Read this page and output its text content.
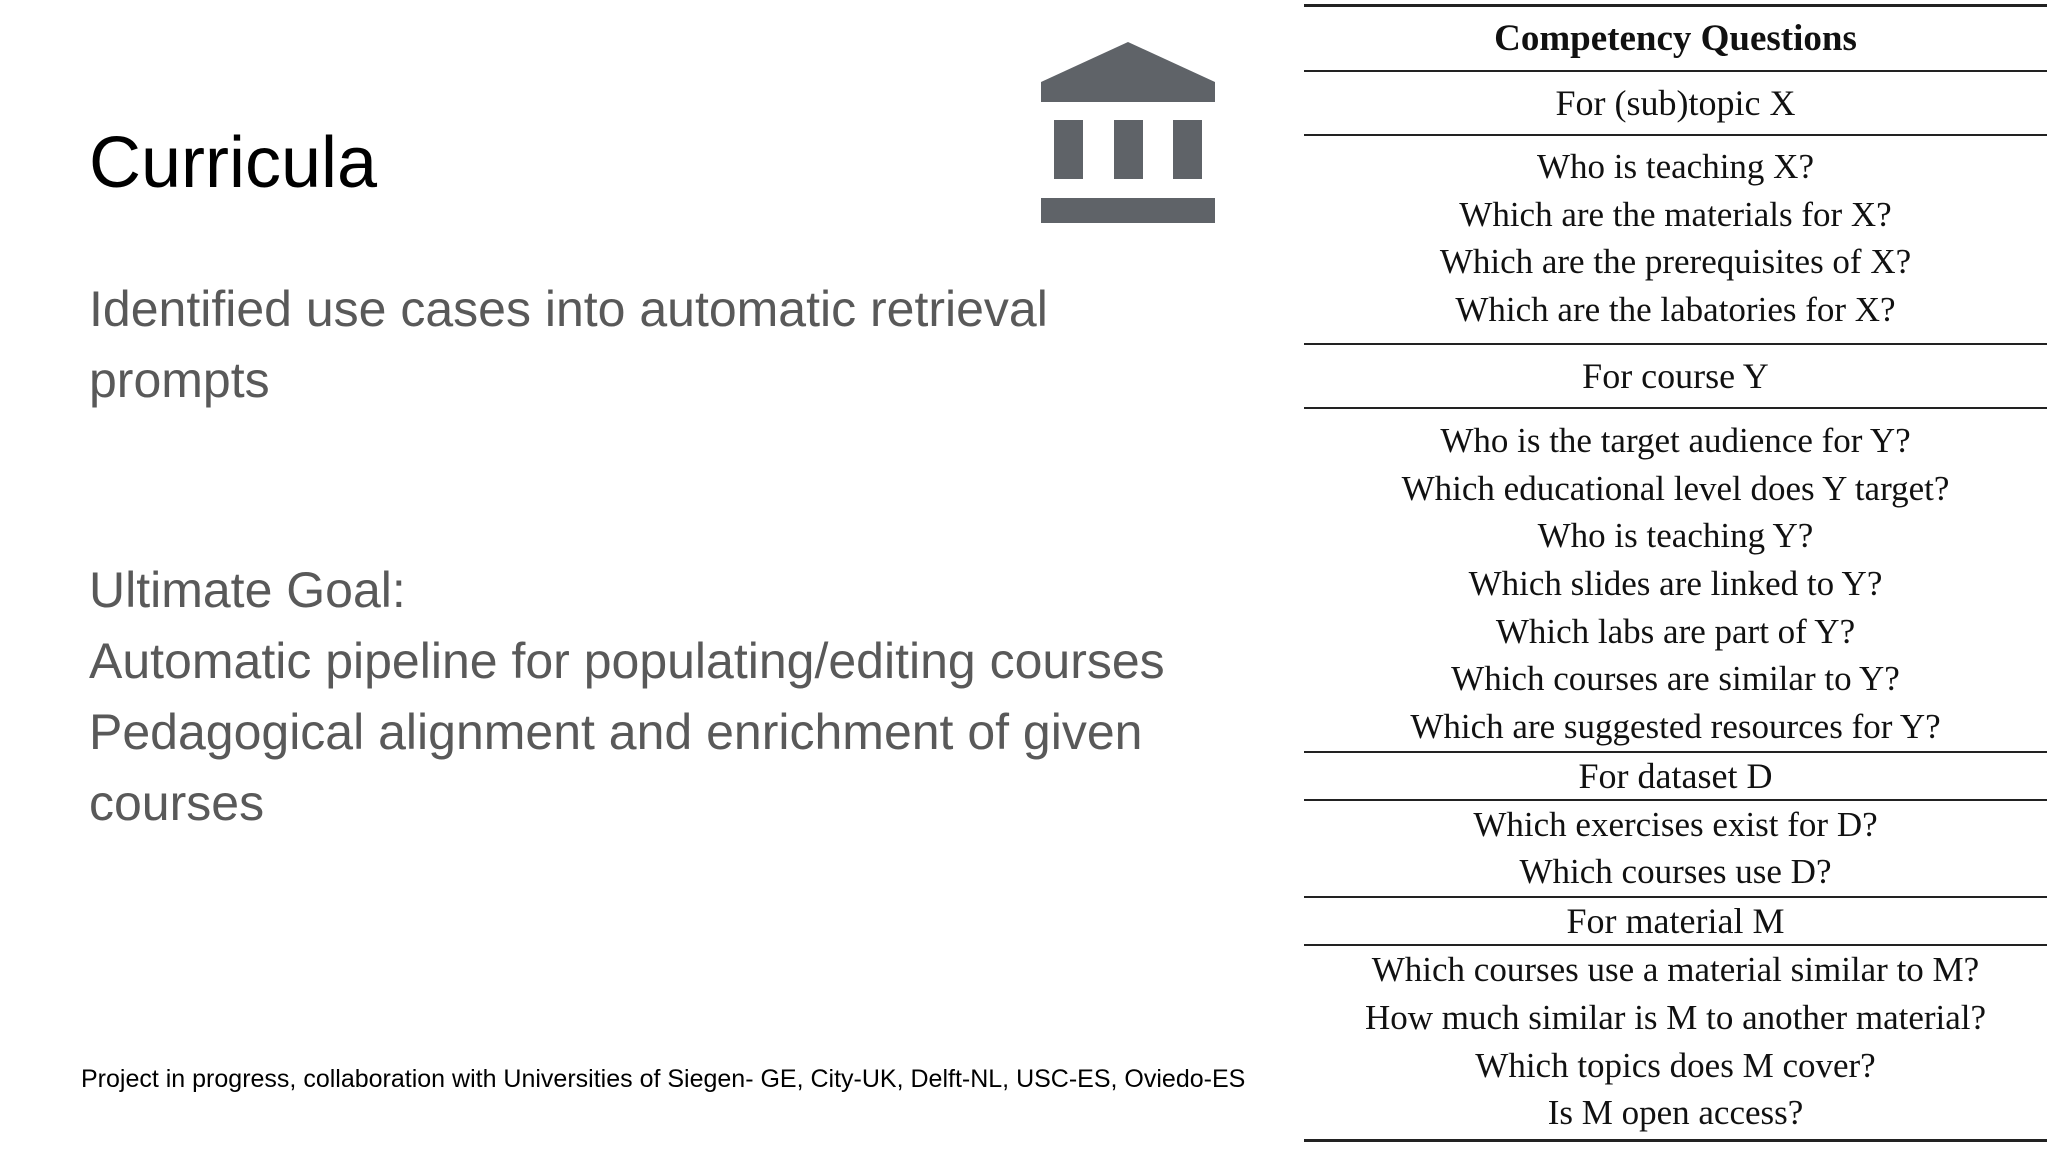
Curricula
Identified use cases into automatic retrieval
prompts
Ultimate Goal:
Automatic pipeline for populating/editing courses
Pedagogical alignment and enrichment of given
courses
Project in progress, collaboration with Universities of Siegen- GE, City-UK, Delft-NL, USC-ES, Oviedo-ES
Competency Questions
For (sub)topic X
Who is teaching X?
Which are the materials for X?
Which are the prerequisites of X?
Which are the labatories for X?
For course Y
Who is the target audience for Y?
Which educational level does Y target?
Who is teaching Y?
Which slides are linked to Y?
Which labs are part of Y?
Which courses are similar to Y?
Which are suggested resources for Y?
For dataset D
Which exercises exist for D?
Which courses use D?
For material M
Which courses use a material similar to M?
How much similar is M to another material?
Which topics does M cover?
Is M open access?
